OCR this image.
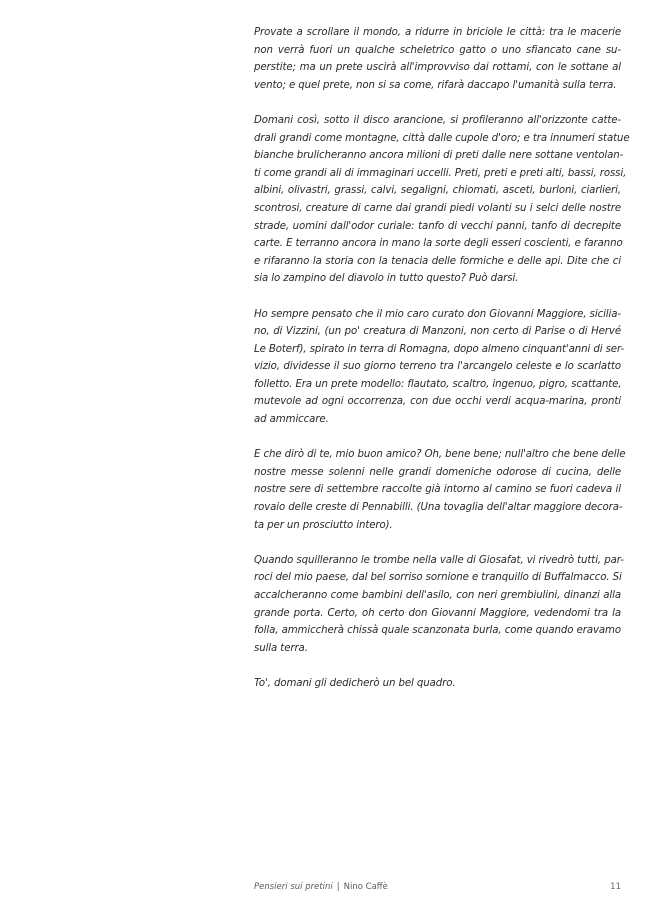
Provate a scrollare il mondo, a ridurre in briciole le città: tra le macerie
non verrà fuori un qualche scheletrico gatto o uno sfiancato cane su-
perstite; ma un prete uscirà all'improvviso dai rottami, con le sottane al
vento; e quel prete, non si sa come, rifarà daccapo l'umanità sulla terra.
Domani così, sotto il disco arancione, si profileranno all'orizzonte catte-
drali grandi come montagne, città dalle cupole d'oro; e tra innumeri statue
bianche brulicheranno ancora milioni di preti dalle nere sottane ventolan-
ti come grandi ali di immaginari uccelli. Preti, preti e preti alti, bassi, rossi,
albini, olivastri, grassi, calvi, segaligni, chiomati, asceti, burloni, ciarlieri,
scontrosi, creature di carne dai grandi piedi volanti su i selci delle nostre
strade, uomini dall'odor curiale: tanfo di vecchi panni, tanfo di decrepite
carte. E terranno ancora in mano la sorte degli esseri coscienti, e faranno
e rifaranno la storia con la tenacia delle formiche e delle api. Dite che ci
sia lo zampino del diavolo in tutto questo? Può darsi.
Ho sempre pensato che il mio caro curato don Giovanni Maggiore, sicilia-
no, di Vizzini, (un po' creatura di Manzoni, non certo di Parise o di Hervé
Le Boterf), spirato in terra di Romagna, dopo almeno cinquant'anni di ser-
vizio, dividesse il suo giorno terreno tra l'arcangelo celeste e lo scarlatto
folletto. Era un prete modello: flautato, scaltro, ingenuo, pigro, scattante,
mutevole ad ogni occorrenza, con due occhi verdi acqua-marina, pronti
ad ammiccare.
E che dirò di te, mio buon amico? Oh, bene bene; null'altro che bene delle
nostre messe solenni nelle grandi domeniche odorose di cucina, delle
nostre sere di settembre raccolte già intorno al camino se fuori cadeva il
rovaio delle creste di Pennabilli. (Una tovaglia dell'altar maggiore decora-
ta per un prosciutto intero).
Quando squilleranno le trombe nella valle di Giosafat, vi rivedrò tutti, par-
roci del mio paese, dal bel sorriso sornione e tranquillo di Buffalmacco. Si
accalcheranno come bambini dell'asilo, con neri grembiulini, dinanzi alla
grande porta. Certo, oh certo don Giovanni Maggiore, vedendomi tra la
folla, ammiccherà chissà quale scanzonata burla, come quando eravamo
sulla terra.
To', domani gli dedicherò un bel quadro.
Pensieri sui pretini | Nino Caffè	11
